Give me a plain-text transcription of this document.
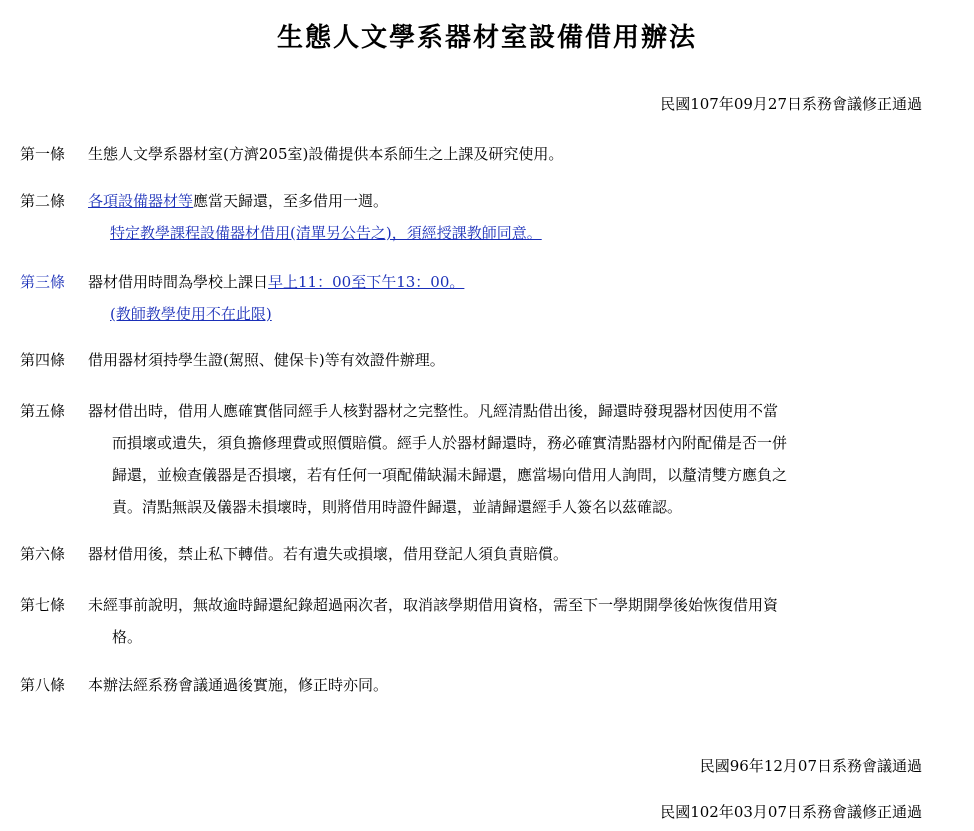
生態人文學系器材室設備借用辦法
民國107年09月27日系務會議修正通過
第一條 生態人文學系器材室(方濟205室)設備提供本系師生之上課及研究使用。
第二條 各項設備器材等應當天歸還，至多借用一週。
特定教學課程設備器材借用(清單另公告之)，須經授課教師同意。
第三條 器材借用時間為學校上課日早上11：00至下午13：00。
(教師教學使用不在此限)
第四條 借用器材須持學生證(駕照、健保卡)等有效證件辦理。
第五條 器材借出時，借用人應確實偕同經手人核對器材之完整性。凡經清點借出後，歸還時發現器材因使用不當
而損壞或遺失，須負擔修理費或照價賠償。經手人於器材歸還時，務必確實清點器材內附配備是否一併
歸還，並檢查儀器是否損壞，若有任何一項配備缺漏未歸還，應當場向借用人詢問，以釐清雙方應負之
責。清點無誤及儀器未損壞時，則將借用時證件歸還，並請歸還經手人簽名以茲確認。
第六條 器材借用後，禁止私下轉借。若有遺失或損壞，借用登記人須負責賠償。
第七條 未經事前說明，無故逾時歸還紀錄超過兩次者，取消該學期借用資格，需至下一學期開學後始恢復借用資
格。
第八條 本辦法經系務會議通過後實施，修正時亦同。
民國96年12月07日系務會議通過
民國102年03月07日系務會議修正通過
